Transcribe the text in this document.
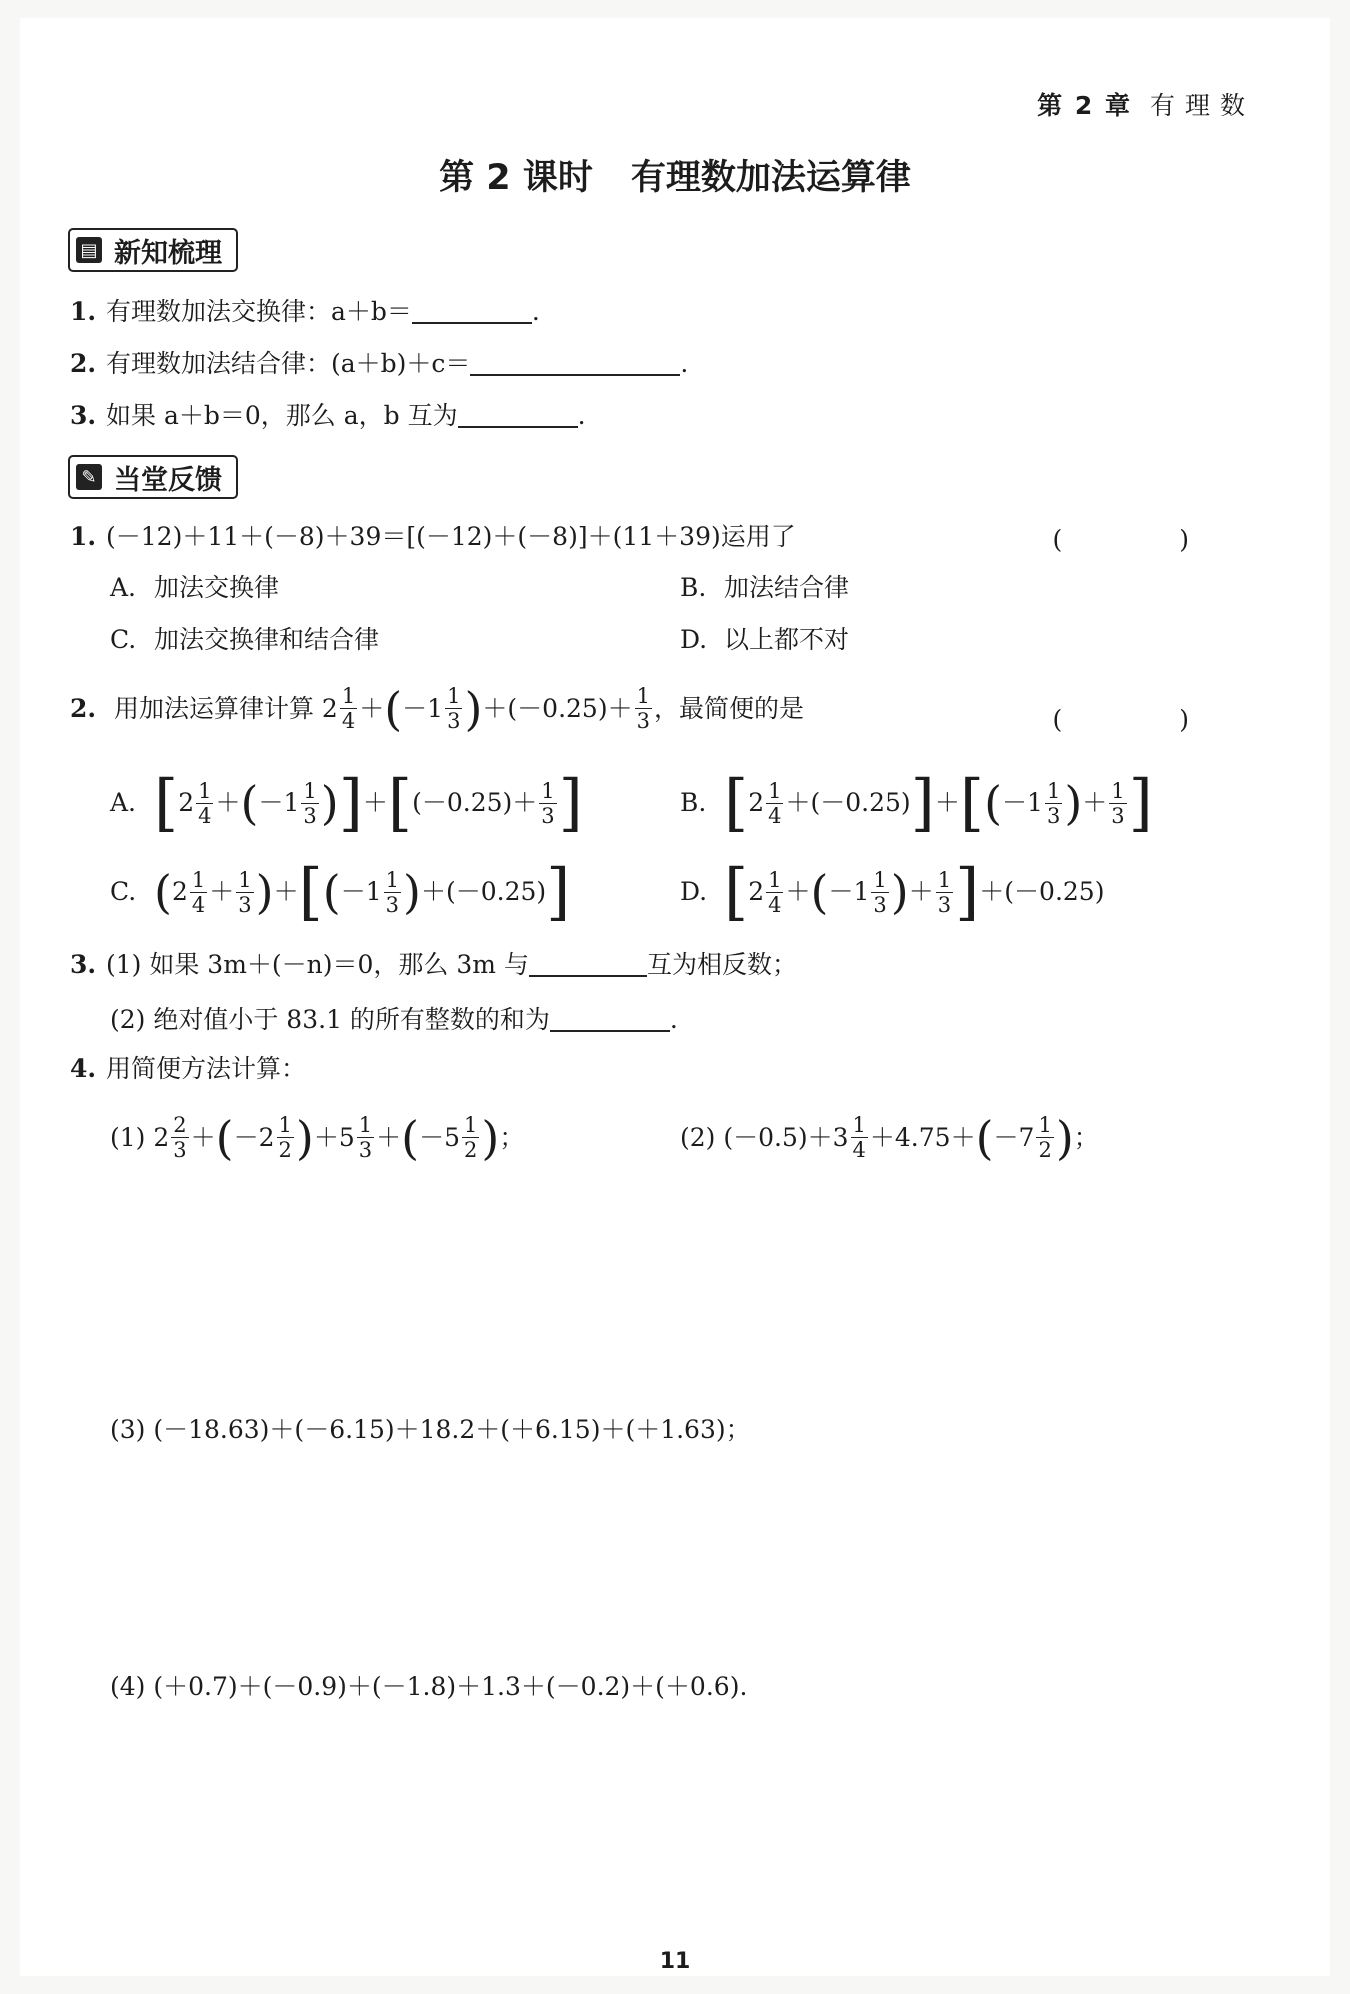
第 2 章 有理数
第 2 课时 有理数加法运算律
▤ 新知梳理
1. 有理数加法交换律：a＋b＝	.
2. 有理数加法结合律：(a＋b)＋c＝	.
3. 如果 a＋b＝0，那么 a，b 互为	.
✎ 当堂反馈
1. (－12)＋11＋(－8)＋39＝[(－12)＋(－8)]＋(11＋39)运用了	(　)
A. 加法交换律	B. 加法结合律
C. 加法交换律和结合律	D. 以上都不对
2. 用加法运算律计算 $2 \frac{1}{4}$ ＋ ( $-1 \frac{1}{3}$ ) $+(-0.25)+ \frac{1}{3}$ ，最简便的是	(　)
A. [ $2 \frac{1}{4}$ ＋ ( $-1 \frac{1}{3}$ ) ] ＋ [ $(-0.25)+ \frac{1}{3}$ ]	B. [ $2 \frac{1}{4} +(-0.25)$ ] ＋ [ ( $-1 \frac{1}{3}$ ) ＋ $\frac{1}{3}$ ]
C. ( $2 \frac{1}{4} + \frac{1}{3}$ ) ＋ [ ( $-1 \frac{1}{3}$ ) ＋(－0.25) ]	D. [ $2 \frac{1}{4}$ ＋ ( $-1 \frac{1}{3}$ ) ＋ $\frac{1}{3}$ ] ＋(－0.25)
3. (1) 如果 3m＋(－n)＝0，那么 3m 与	互为相反数；
(2) 绝对值小于 83.1 的所有整数的和为	.
4. 用简便方法计算：
(1) $2 \frac{2}{3}$ ＋ ( $-2 \frac{1}{2}$ ) $+5 \frac{1}{3}$ ＋ ( $-5 \frac{1}{2}$ ) ；	(2) $(-0.5)+3 \frac{1}{4} +4.75+$ ( $-7 \frac{1}{2}$ ) ；
(3) (－18.63)＋(－6.15)＋18.2＋(＋6.15)＋(＋1.63)；
(4) (＋0.7)＋(－0.9)＋(－1.8)＋1.3＋(－0.2)＋(＋0.6).
11
